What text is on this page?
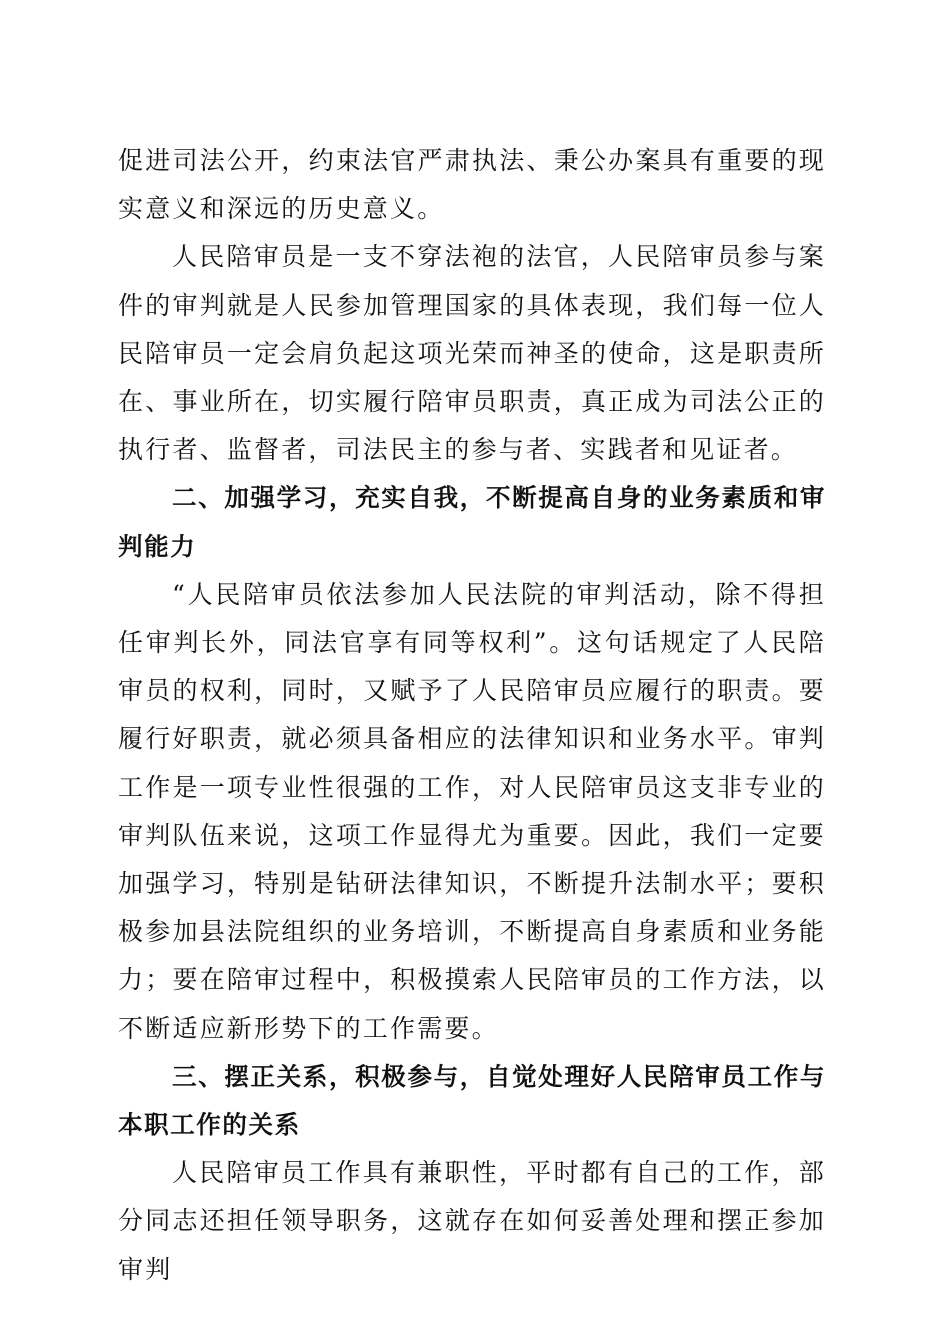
促进司法公开，约束法官严肃执法、秉公办案具有重要的现实意义和深远的历史意义。

人民陪审员是一支不穿法袍的法官，人民陪审员参与案件的审判就是人民参加管理国家的具体表现，我们每一位人民陪审员一定会肩负起这项光荣而神圣的使命，这是职责所在、事业所在，切实履行陪审员职责，真正成为司法公正的执行者、监督者，司法民主的参与者、实践者和见证者。

二、加强学习，充实自我，不断提高自身的业务素质和审判能力

“人民陪审员依法参加人民法院的审判活动，除不得担任审判长外，同法官享有同等权利”。这句话规定了人民陪审员的权利，同时，又赋予了人民陪审员应履行的职责。要履行好职责，就必须具备相应的法律知识和业务水平。审判工作是一项专业性很强的工作，对人民陪审员这支非专业的审判队伍来说，这项工作显得尤为重要。因此，我们一定要加强学习，特别是钻研法律知识，不断提升法制水平；要积极参加县法院组织的业务培训，不断提高自身素质和业务能力；要在陪审过程中，积极摸索人民陪审员的工作方法，以不断适应新形势下的工作需要。

三、摆正关系，积极参与，自觉处理好人民陪审员工作与本职工作的关系

人民陪审员工作具有兼职性，平时都有自己的工作，部分同志还担任领导职务，这就存在如何妥善处理和摆正参加审判
